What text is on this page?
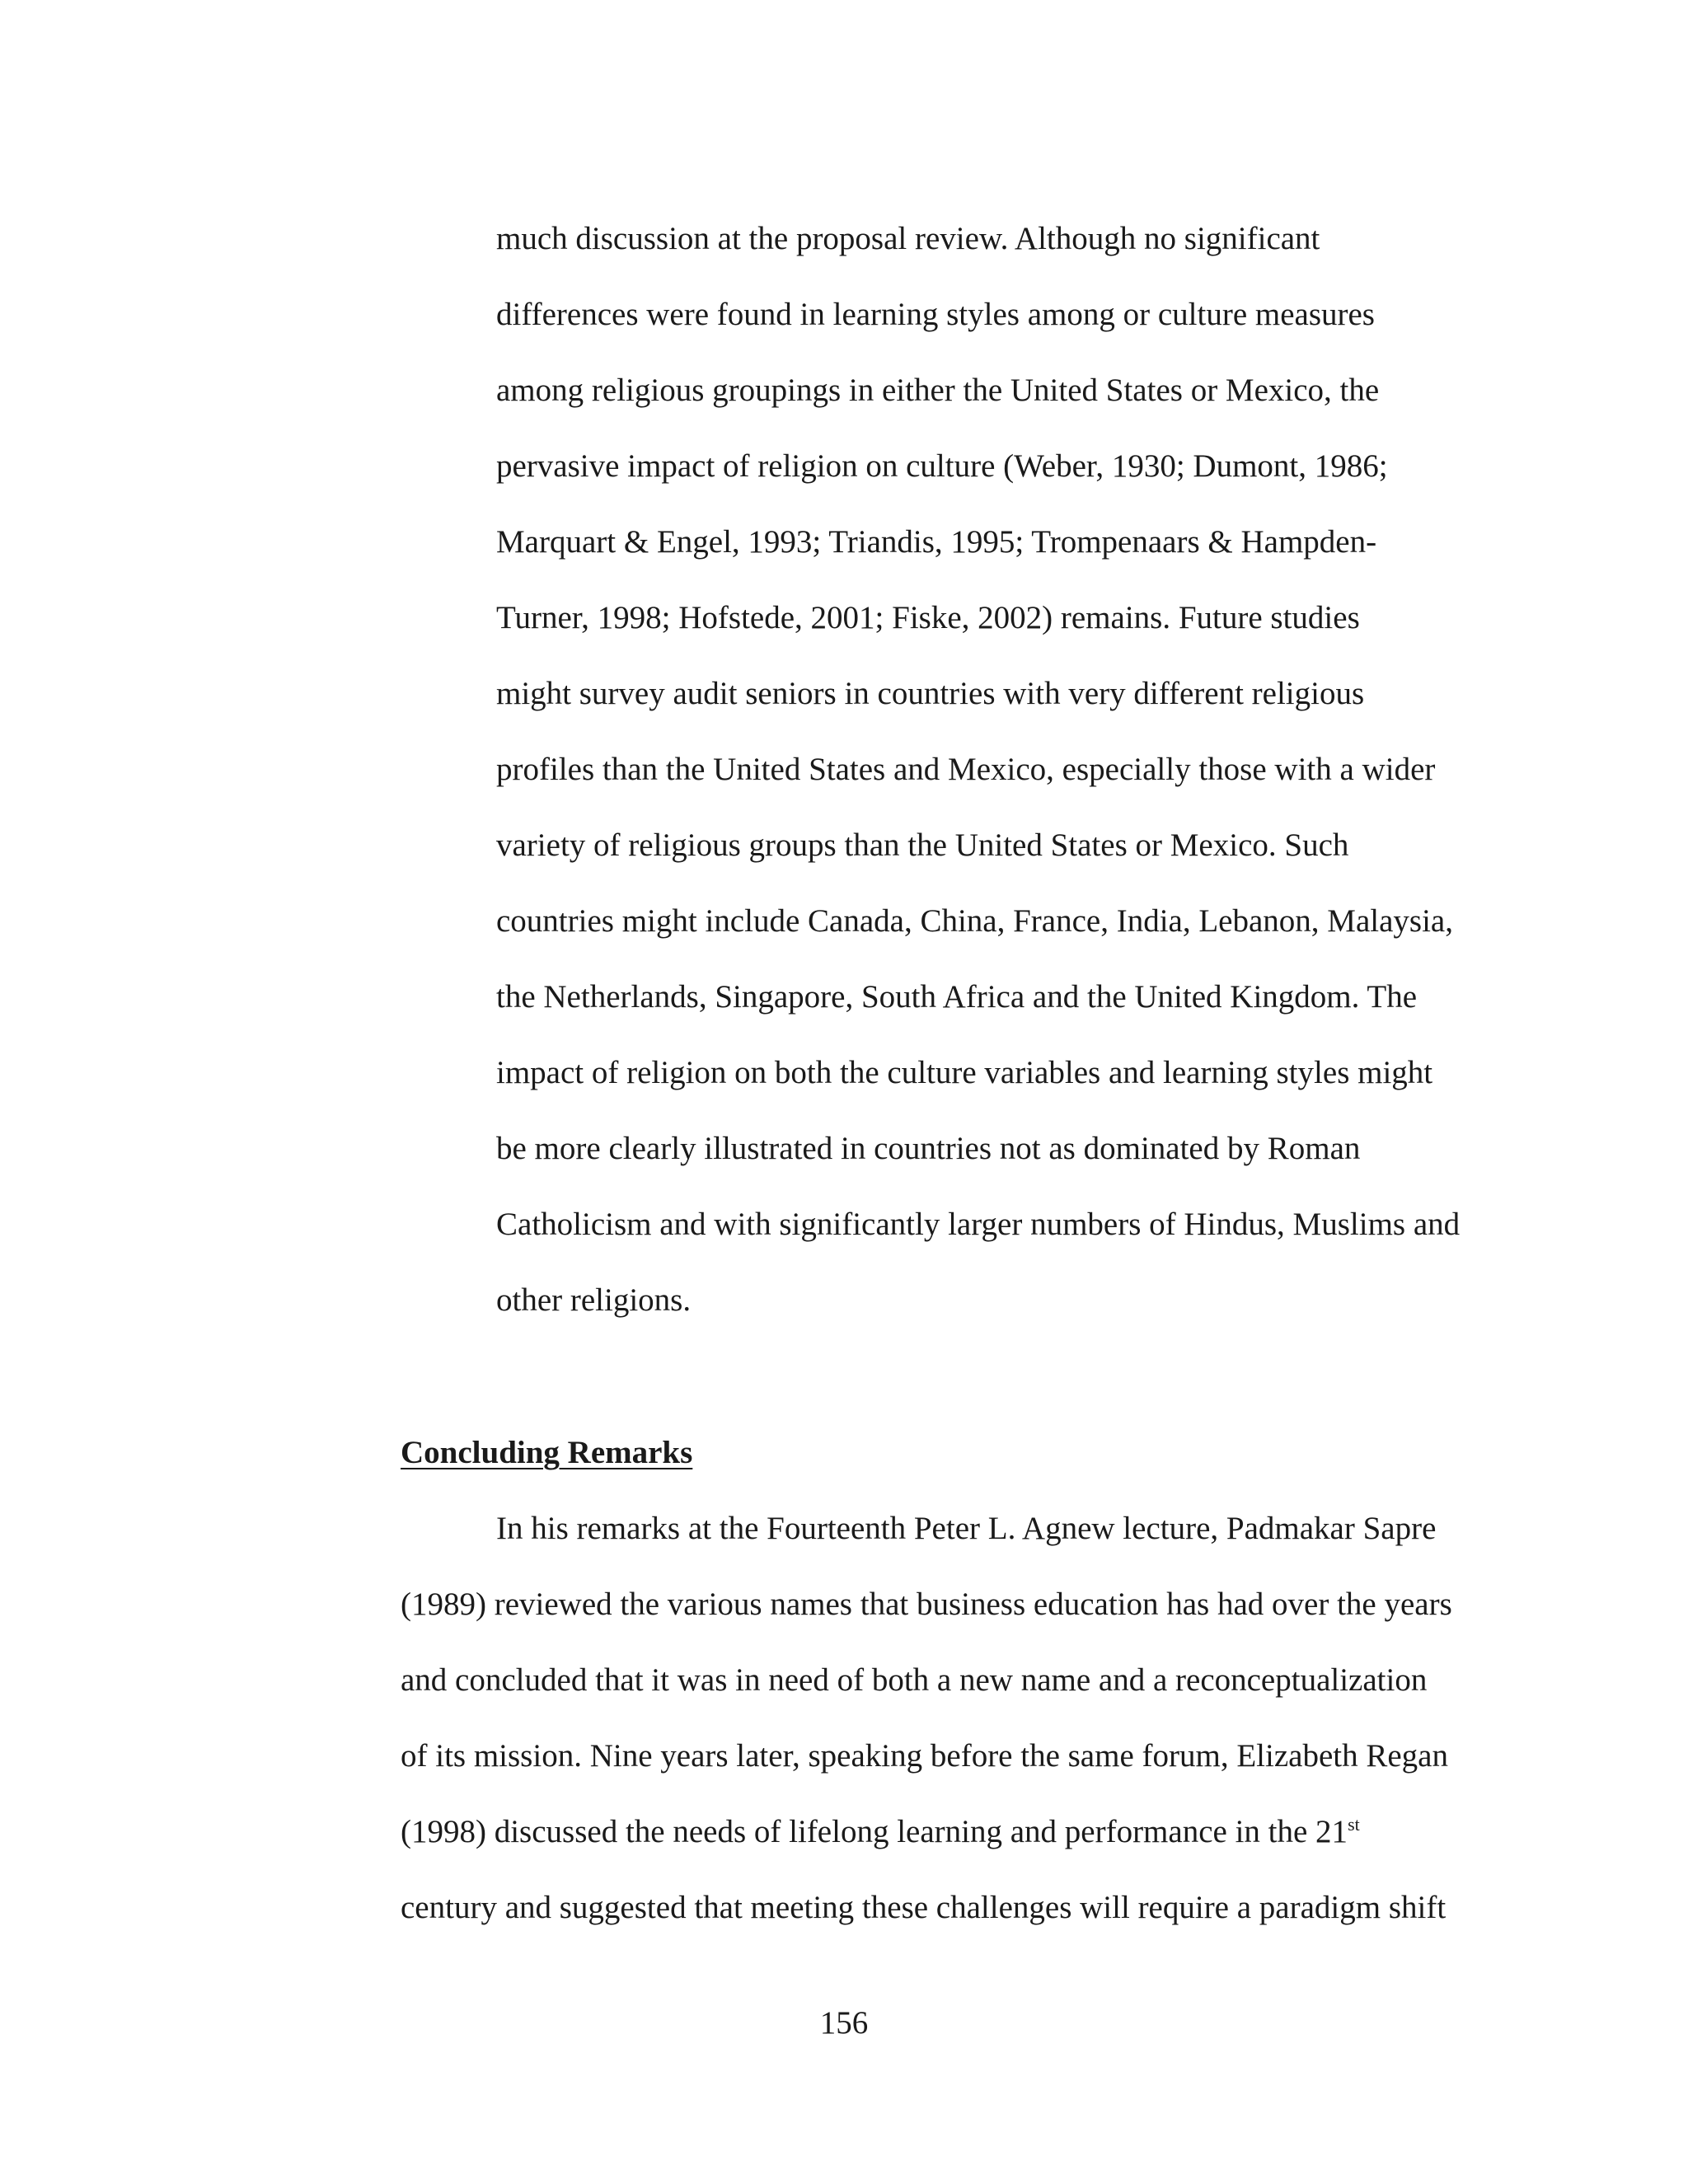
much discussion at the proposal review. Although no significant

differences were found in learning styles among or culture measures

among religious groupings in either the United States or Mexico, the

pervasive impact of religion on culture (Weber, 1930; Dumont, 1986;

Marquart & Engel, 1993; Triandis, 1995; Trompenaars & Hampden-

Turner, 1998; Hofstede, 2001; Fiske, 2002) remains. Future studies

might survey audit seniors in countries with very different religious

profiles than the United States and Mexico, especially those with a wider

variety of religious groups than the United States or Mexico. Such

countries might include Canada, China, France, India, Lebanon, Malaysia,

the Netherlands, Singapore, South Africa and the United Kingdom. The

impact of religion on both the culture variables and learning styles might

be more clearly illustrated in countries not as dominated by Roman

Catholicism and with significantly larger numbers of Hindus, Muslims and

other religions.

Concluding Remarks

In his remarks at the Fourteenth Peter L. Agnew lecture, Padmakar Sapre

(1989) reviewed the various names that business education has had over the years

and concluded that it was in need of both a new name and a reconceptualization

of its mission. Nine years later, speaking before the same forum, Elizabeth Regan

(1998) discussed the needs of lifelong learning and performance in the 21st

century and suggested that meeting these challenges will require a paradigm shift

156
